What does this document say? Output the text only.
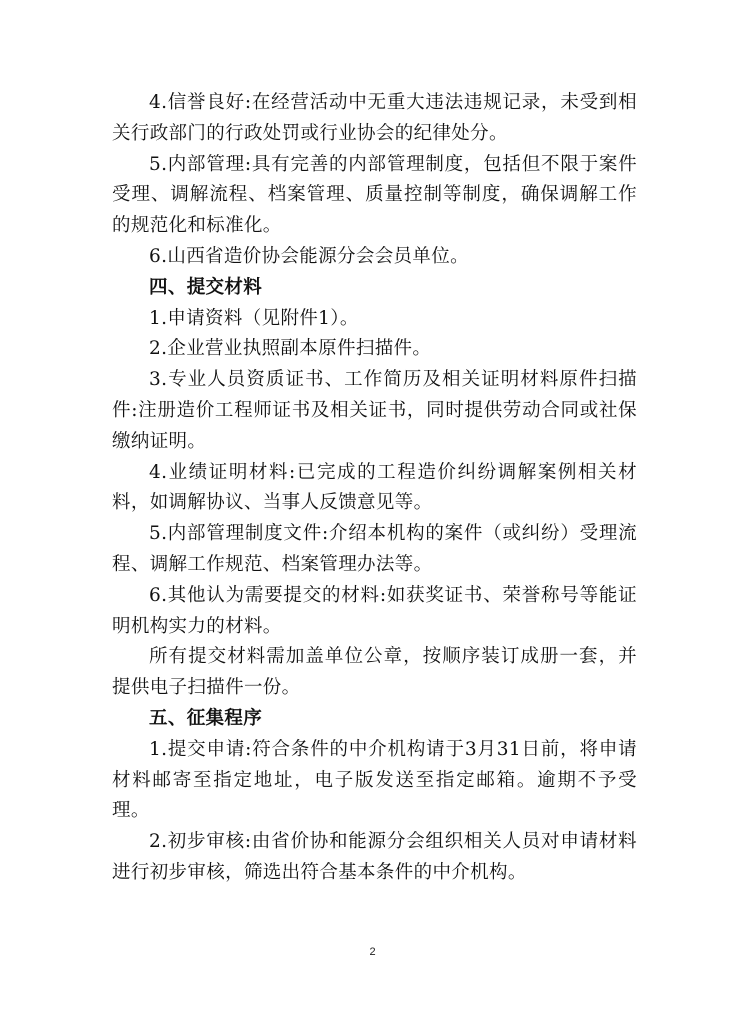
4.信誉良好:在经营活动中无重大违法违规记录，未受到相关行政部门的行政处罚或行业协会的纪律处分。

5.内部管理:具有完善的内部管理制度，包括但不限于案件受理、调解流程、档案管理、质量控制等制度，确保调解工作的规范化和标准化。

6.山西省造价协会能源分会会员单位。

四、提交材料

1.申请资料（见附件1）。

2.企业营业执照副本原件扫描件。

3.专业人员资质证书、工作简历及相关证明材料原件扫描件:注册造价工程师证书及相关证书，同时提供劳动合同或社保缴纳证明。

4.业绩证明材料:已完成的工程造价纠纷调解案例相关材料，如调解协议、当事人反馈意见等。

5.内部管理制度文件:介绍本机构的案件（或纠纷）受理流程、调解工作规范、档案管理办法等。

6.其他认为需要提交的材料:如获奖证书、荣誉称号等能证明机构实力的材料。

所有提交材料需加盖单位公章，按顺序装订成册一套，并提供电子扫描件一份。

五、征集程序

1.提交申请:符合条件的中介机构请于3月31日前，将申请材料邮寄至指定地址，电子版发送至指定邮箱。逾期不予受理。

2.初步审核:由省价协和能源分会组织相关人员对申请材料进行初步审核，筛选出符合基本条件的中介机构。

2
